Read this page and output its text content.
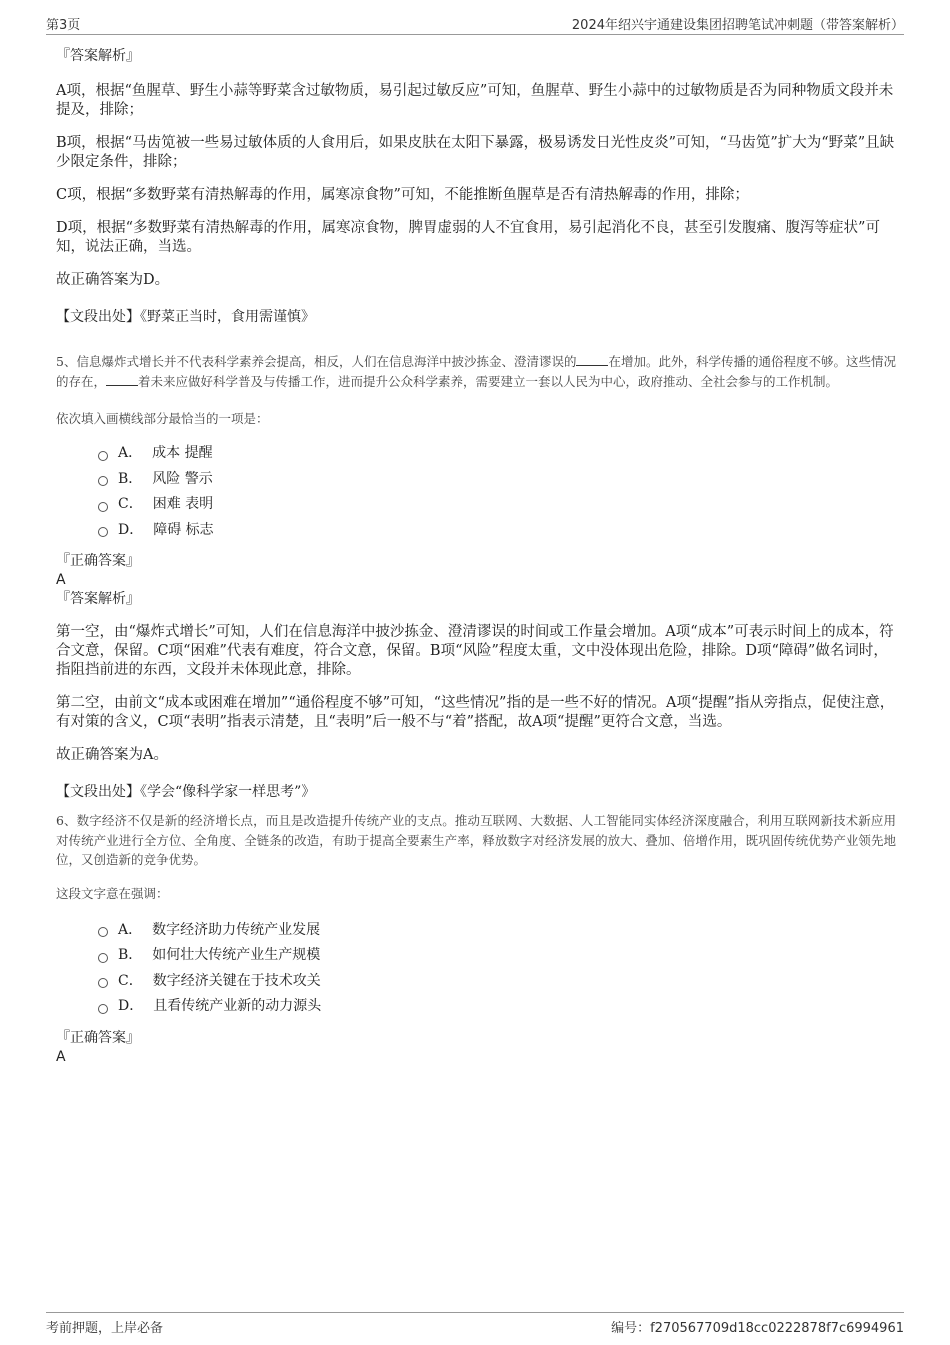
第3页	2024年绍兴宇通建设集团招聘笔试冲刺题（带答案解析）

『答案解析』

A项，根据“鱼腥草、野生小蒜等野菜含过敏物质，易引起过敏反应”可知，鱼腥草、野生小蒜中的过敏物质是否为同种物质文段并未提及，排除；

B项，根据“马齿笕被一些易过敏体质的人食用后，如果皮肤在太阳下暴露，极易诱发日光性皮炎”可知，“马齿笕”扩大为“野菜”且缺少限定条件，排除；

C项，根据“多数野菜有清热解毒的作用，属寒凉食物”可知，不能推断鱼腥草是否有清热解毒的作用，排除；

D项，根据“多数野菜有清热解毒的作用，属寒凉食物，脾胃虚弱的人不宜食用，易引起消化不良，甚至引发腹痛、腹泻等症状”可知，说法正确，当选。

故正确答案为D。

【文段出处】《野菜正当时，食用需谨慎》

5、信息爆炸式增长并不代表科学素养会提高，相反，人们在信息海洋中披沙拣金、澄清谬误的	在增加。此外，科学传播的通俗程度不够。这些情况的存在，	着未来应做好科学普及与传播工作，进而提升公众科学素养，需要建立一套以人民为中心，政府推动、全社会参与的工作机制。

依次填入画横线部分最恰当的一项是：

A． 成本 提醒
B． 风险 警示
C． 困难 表明
D． 障碍 标志

『正确答案』

A

『答案解析』

第一空，由“爆炸式增长”可知，人们在信息海洋中披沙拣金、澄清谬误的时间或工作量会增加。A项“成本”可表示时间上的成本，符合文意，保留。C项“困难”代表有难度，符合文意，保留。B项“风险”程度太重，文中没体现出危险，排除。D项“障碍”做名词时，指阻挡前进的东西，文段并未体现此意，排除。

第二空，由前文“成本或困难在增加”“通俗程度不够”可知，“这些情况”指的是一些不好的情况。A项“提醒”指从旁指点，促使注意，有对策的含义，C项“表明”指表示清楚，且“表明”后一般不与“着”搭配，故A项“提醒”更符合文意，当选。

故正确答案为A。

【文段出处】《学会“像科学家一样思考”》

6、数字经济不仅是新的经济增长点，而且是改造提升传统产业的支点。推动互联网、大数据、人工智能同实体经济深度融合，利用互联网新技术新应用对传统产业进行全方位、全角度、全链条的改造，有助于提高全要素生产率，释放数字对经济发展的放大、叠加、倍增作用，既巩固传统优势产业领先地位，又创造新的竞争优势。

这段文字意在强调：

A． 数字经济助力传统产业发展
B． 如何壮大传统产业生产规模
C． 数字经济关键在于技术攻关
D． 且看传统产业新的动力源头

『正确答案』

A

考前押题，上岸必备	编号：f270567709d18cc0222878f7c6994961
